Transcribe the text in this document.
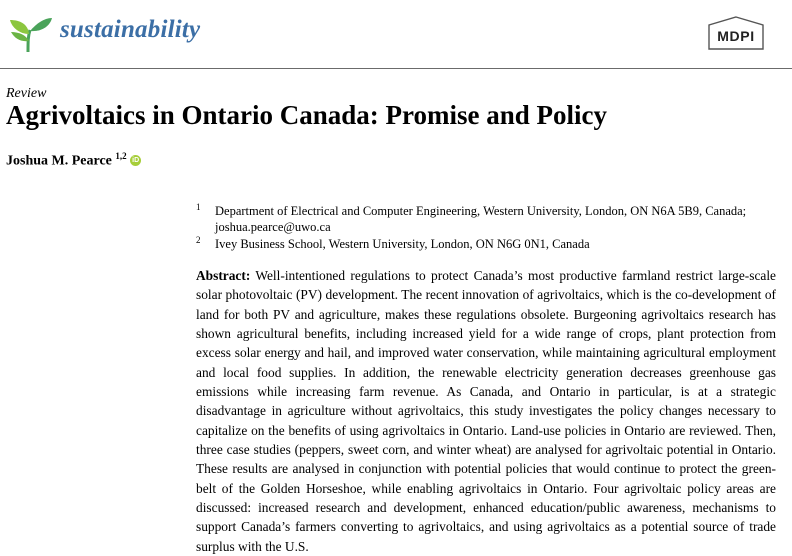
sustainability	MDPI
Review
Agrivoltaics in Ontario Canada: Promise and Policy
Joshua M. Pearce $^{1,2}$ iD
1 Department of Electrical and Computer Engineering, Western University, London, ON N6A 5B9, Canada;
joshua.pearce@uwo.ca
2 Ivey Business School, Western University, London, ON N6G 0N1, Canada

Abstract: Well-intentioned regulations to protect Canada’s most productive farmland restrict large-scale solar photovoltaic (PV) development. The recent innovation of agrivoltaics, which is the co-development of land for both PV and agriculture, makes these regulations obsolete. Burgeoning agrivoltaics research has shown agricultural benefits, including increased yield for a wide range of crops, plant protection from excess solar energy and hail, and improved water conservation, while maintaining agricultural employment and local food supplies. In addition, the renewable electricity generation decreases greenhouse gas emissions while increasing farm revenue. As Canada, and Ontario in particular, is at a strategic disadvantage in agriculture without agrivoltaics, this study investigates the policy changes necessary to capitalize on the benefits of using agrivoltaics in Ontario. Land-use policies in Ontario are reviewed. Then, three case studies (peppers, sweet corn, and winter wheat) are analysed for agrivoltaic potential in Ontario. These results are analysed in conjunction with potential policies that would continue to protect the green-belt of the Golden Horseshoe, while enabling agrivoltaics in Ontario. Four agrivoltaic policy areas are discussed: increased research and development, enhanced education/public awareness, mechanisms to support Canada’s farmers converting to agrivoltaics, and using agrivoltaics as a potential source of trade surplus with the U.S.
